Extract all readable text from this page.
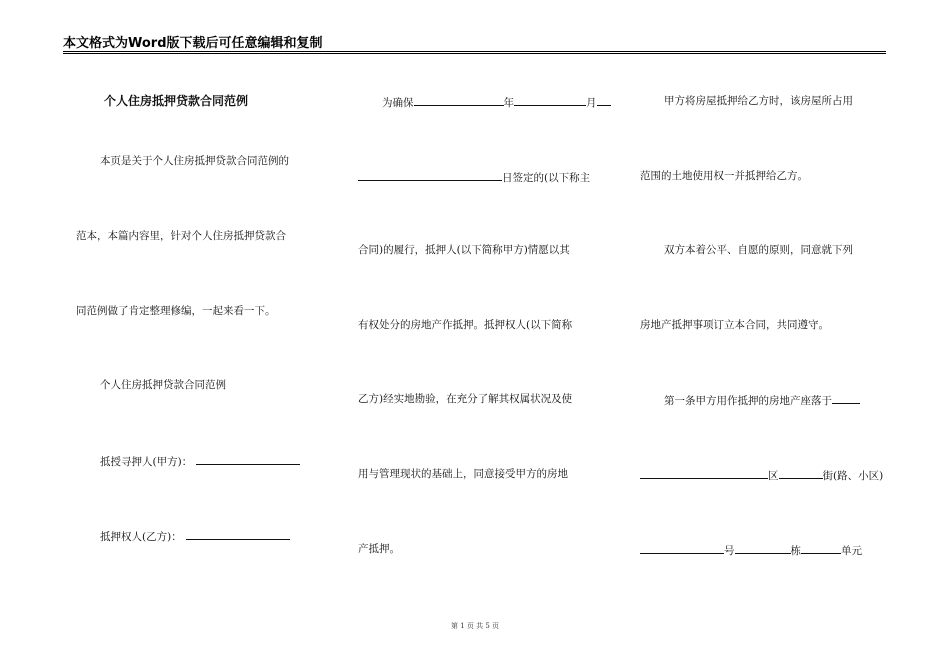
本文格式为Word版下载后可任意编辑和复制
个人住房抵押贷款合同范例
本页是关于个人住房抵押贷款合同范例的
范本，本篇内容里，针对个人住房抵押贷款合
同范例做了肯定整理修编，一起来看一下。
个人住房抵押贷款合同范例
抵授寻押人(甲方)：
抵押权人(乙方)：
为确保	年	月
日签定的(以下称主
合同)的履行，抵押人(以下简称甲方)情愿以其
有权处分的房地产作抵押。抵押权人(以下简称
乙方)经实地勘验，在充分了解其权属状况及使
用与管理现状的基础上，同意接受甲方的房地
产抵押。
甲方将房屋抵押给乙方时，该房屋所占用
范围的土地使用权一并抵押给乙方。
双方本着公平、自愿的原则，同意就下列
房地产抵押事项订立本合同，共同遵守。
第一条甲方用作抵押的房地产座落于
区	街(路、小区)
号	栋	单元
第 1 页 共 5 页
